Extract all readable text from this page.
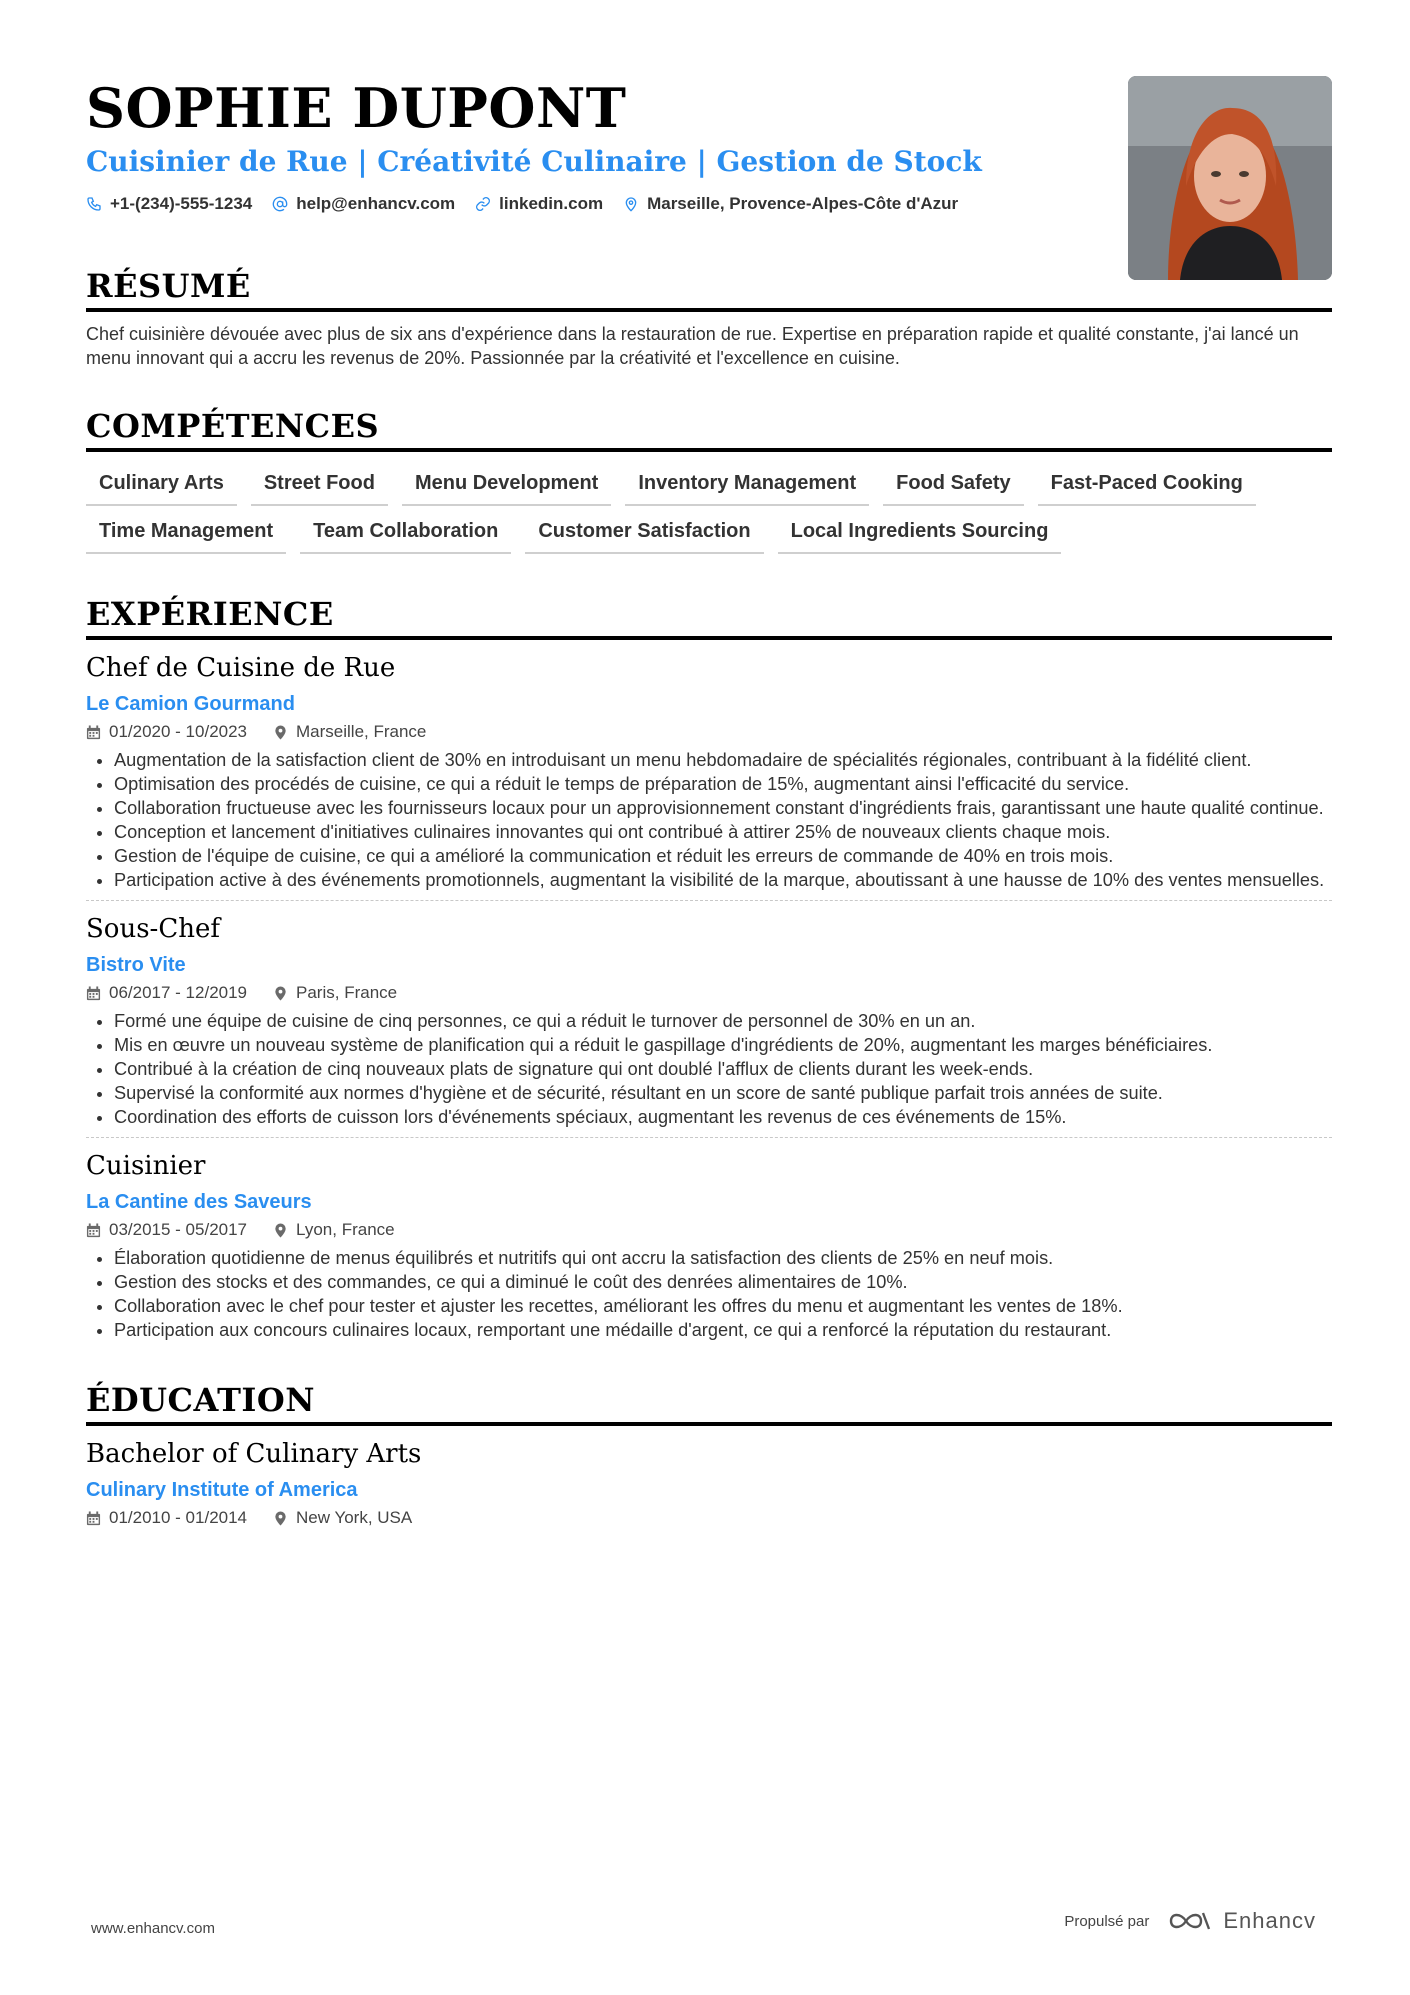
SOPHIE DUPONT
Cuisinier de Rue | Créativité Culinaire | Gestion de Stock
+1-(234)-555-1234	help@enhancv.com	linkedin.com	Marseille, Provence-Alpes-Côte d'Azur
RÉSUMÉ
Chef cuisinière dévouée avec plus de six ans d'expérience dans la restauration de rue. Expertise en préparation rapide et qualité constante, j'ai lancé un menu innovant qui a accru les revenus de 20%. Passionnée par la créativité et l'excellence en cuisine.
COMPÉTENCES
Culinary Arts	Street Food	Menu Development	Inventory Management	Food Safety	Fast-Paced Cooking
Time Management	Team Collaboration	Customer Satisfaction	Local Ingredients Sourcing
EXPÉRIENCE
Chef de Cuisine de Rue
Le Camion Gourmand
01/2020 - 10/2023	Marseille, France
• Augmentation de la satisfaction client de 30% en introduisant un menu hebdomadaire de spécialités régionales, contribuant à la fidélité client.
• Optimisation des procédés de cuisine, ce qui a réduit le temps de préparation de 15%, augmentant ainsi l'efficacité du service.
• Collaboration fructueuse avec les fournisseurs locaux pour un approvisionnement constant d'ingrédients frais, garantissant une haute qualité continue.
• Conception et lancement d'initiatives culinaires innovantes qui ont contribué à attirer 25% de nouveaux clients chaque mois.
• Gestion de l'équipe de cuisine, ce qui a amélioré la communication et réduit les erreurs de commande de 40% en trois mois.
• Participation active à des événements promotionnels, augmentant la visibilité de la marque, aboutissant à une hausse de 10% des ventes mensuelles.
Sous-Chef
Bistro Vite
06/2017 - 12/2019	Paris, France
• Formé une équipe de cuisine de cinq personnes, ce qui a réduit le turnover de personnel de 30% en un an.
• Mis en œuvre un nouveau système de planification qui a réduit le gaspillage d'ingrédients de 20%, augmentant les marges bénéficiaires.
• Contribué à la création de cinq nouveaux plats de signature qui ont doublé l'afflux de clients durant les week-ends.
• Supervisé la conformité aux normes d'hygiène et de sécurité, résultant en un score de santé publique parfait trois années de suite.
• Coordination des efforts de cuisson lors d'événements spéciaux, augmentant les revenus de ces événements de 15%.
Cuisinier
La Cantine des Saveurs
03/2015 - 05/2017	Lyon, France
• Élaboration quotidienne de menus équilibrés et nutritifs qui ont accru la satisfaction des clients de 25% en neuf mois.
• Gestion des stocks et des commandes, ce qui a diminué le coût des denrées alimentaires de 10%.
• Collaboration avec le chef pour tester et ajuster les recettes, améliorant les offres du menu et augmentant les ventes de 18%.
• Participation aux concours culinaires locaux, remportant une médaille d'argent, ce qui a renforcé la réputation du restaurant.
ÉDUCATION
Bachelor of Culinary Arts
Culinary Institute of America
01/2010 - 01/2014	New York, USA
www.enhancv.com	Propulsé par	Enhancv
